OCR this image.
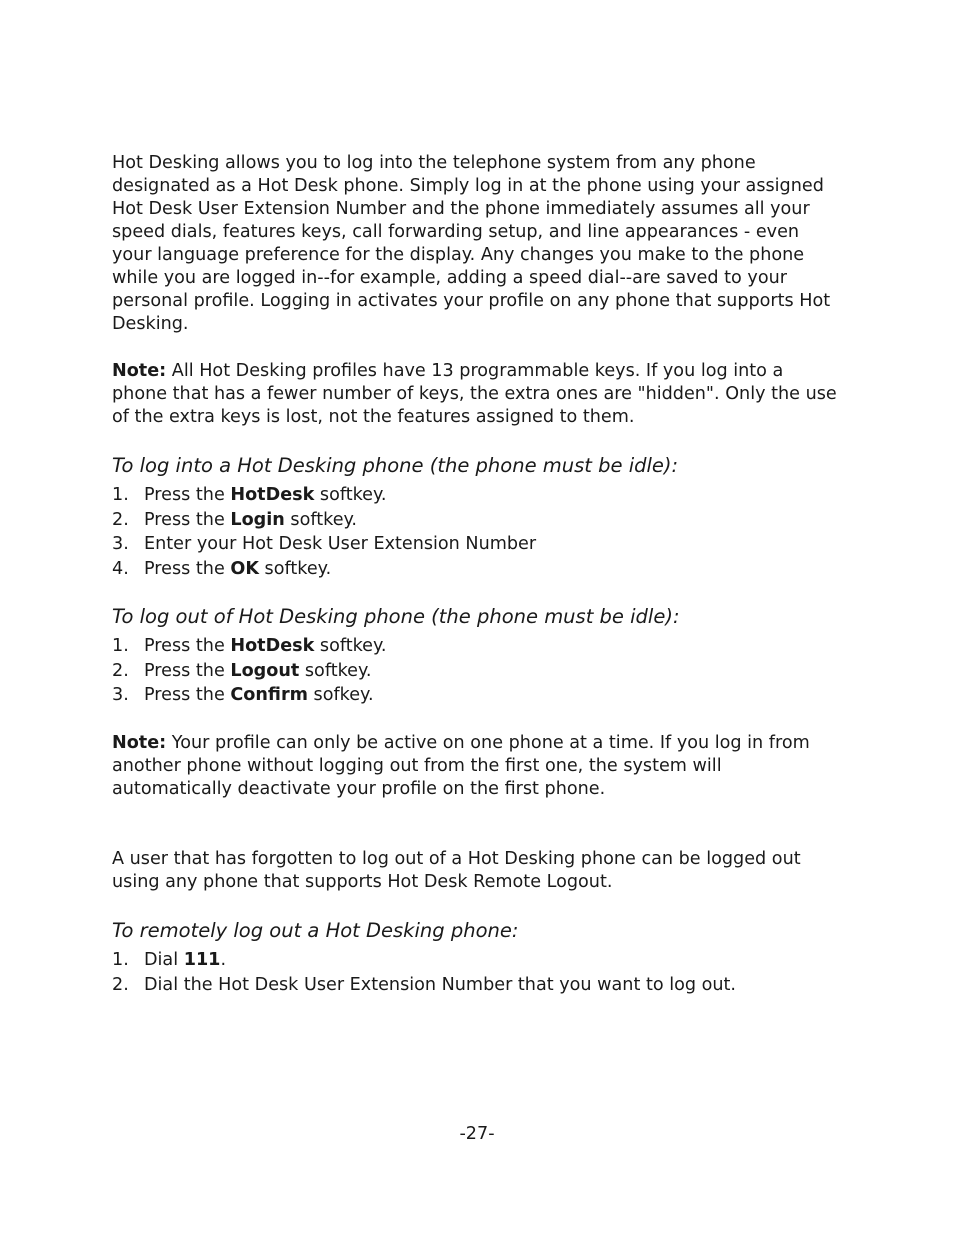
Hot Desking allows you to log into the telephone system from any phone designated as a Hot Desk phone. Simply log in at the phone using your assigned Hot Desk User Extension Number and the phone immediately assumes all your speed dials, features keys, call forwarding setup, and line appearances - even your language preference for the display. Any changes you make to the phone while you are logged in--for example, adding a speed dial--are saved to your personal profile. Logging in activates your profile on any phone that supports Hot Desking.

Note: All Hot Desking profiles have 13 programmable keys. If you log into a phone that has a fewer number of keys, the extra ones are "hidden". Only the use of the extra keys is lost, not the features assigned to them.

To log into a Hot Desking phone (the phone must be idle):
1. Press the HotDesk softkey.
2. Press the Login softkey.
3. Enter your Hot Desk User Extension Number
4. Press the OK softkey.
To log out of Hot Desking phone (the phone must be idle):
1. Press the HotDesk softkey.
2. Press the Logout softkey.
3. Press the Confirm sofkey.

Note: Your profile can only be active on one phone at a time. If you log in from another phone without logging out from the first one, the system will automatically deactivate your profile on the first phone.

A user that has forgotten to log out of a Hot Desking phone can be logged out using any phone that supports Hot Desk Remote Logout.

To remotely log out a Hot Desking phone:
1. Dial 111.
2. Dial the Hot Desk User Extension Number that you want to log out.
-27-
